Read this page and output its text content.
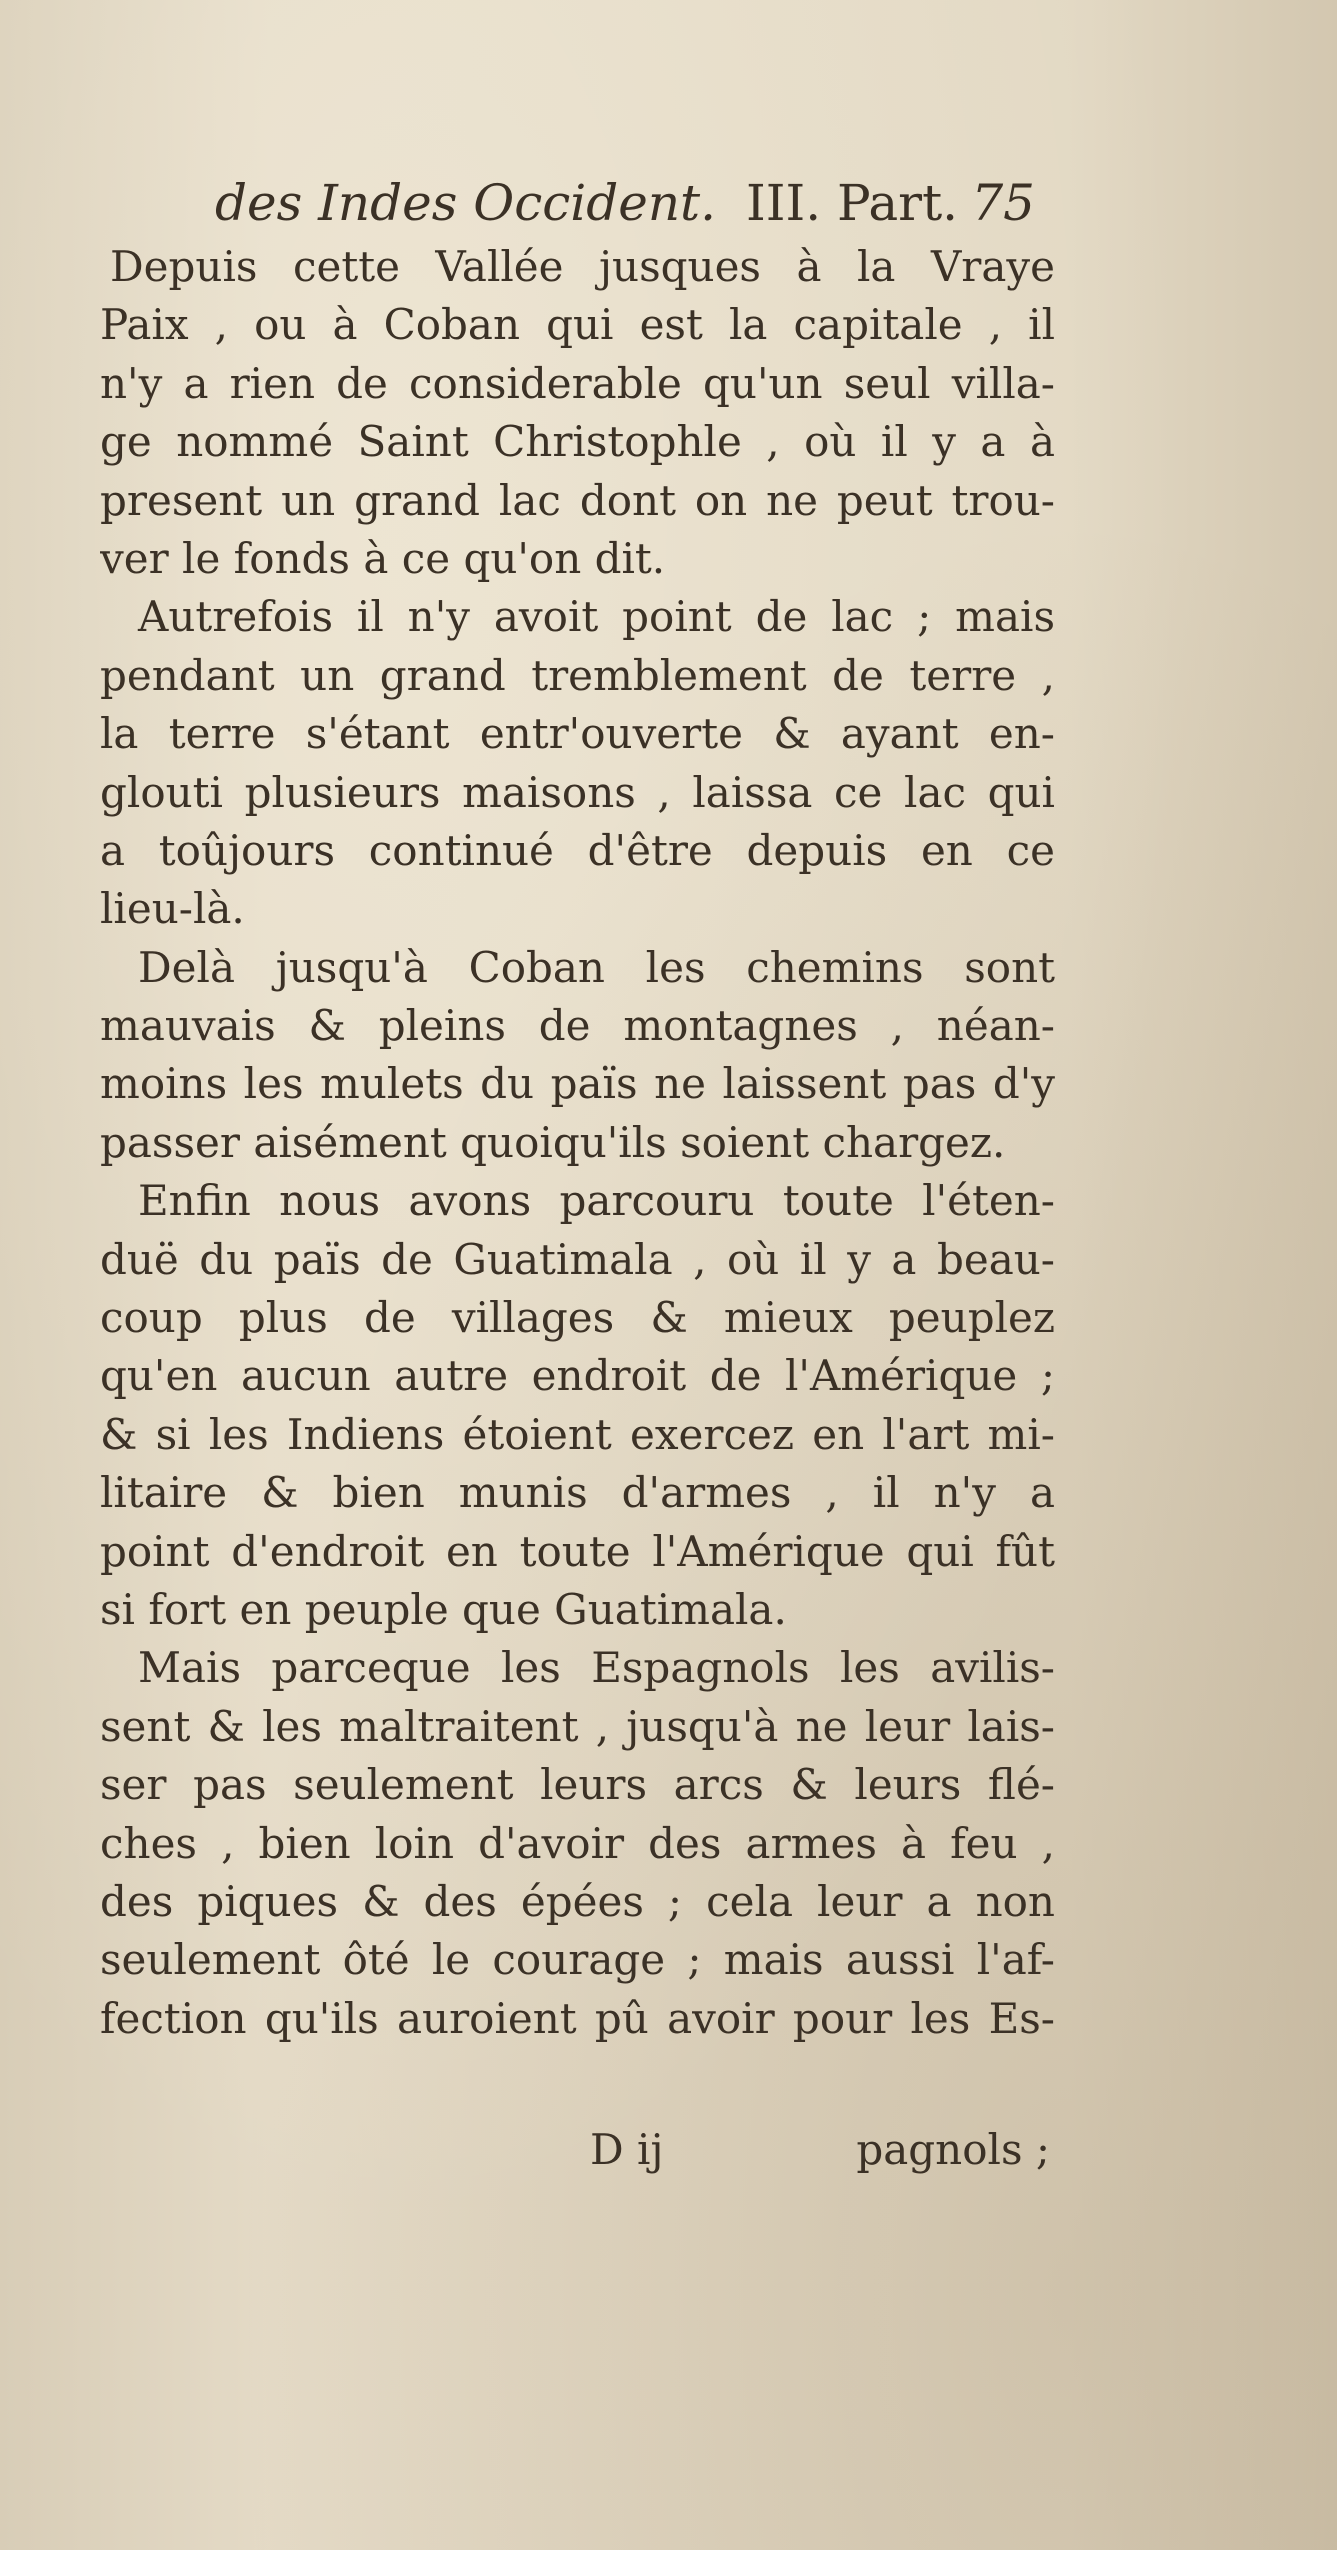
des Indes Occident. III. Part. 75
Depuis cette Vallée jusques à la Vraye
Paix , ou à Coban qui est la capitale , il
n'y a rien de considerable qu'un seul villa-
ge nommé Saint Christophle , où il y a à
present un grand lac dont on ne peut trou-
ver le fonds à ce qu'on dit.
Autrefois il n'y avoit point de lac ; mais
pendant un grand tremblement de terre ,
la terre s'étant entr'ouverte & ayant en-
glouti plusieurs maisons , laissa ce lac qui
a toûjours continué d'être depuis en ce
lieu-là.
Delà jusqu'à Coban les chemins sont
mauvais & pleins de montagnes , néan-
moins les mulets du païs ne laissent pas d'y
passer aisément quoiqu'ils soient chargez.
Enfin nous avons parcouru toute l'éten-
duë du païs de Guatimala , où il y a beau-
coup plus de villages & mieux peuplez
qu'en aucun autre endroit de l'Amérique ;
& si les Indiens étoient exercez en l'art mi-
litaire & bien munis d'armes , il n'y a
point d'endroit en toute l'Amérique qui fût
si fort en peuple que Guatimala.
Mais parceque les Espagnols les avilis-
sent & les maltraitent , jusqu'à ne leur lais-
ser pas seulement leurs arcs & leurs flé-
ches , bien loin d'avoir des armes à feu ,
des piques & des épées ; cela leur a non
seulement ôté le courage ; mais aussi l'af-
fection qu'ils auroient pû avoir pour les Es-
D ij	pagnols ;
